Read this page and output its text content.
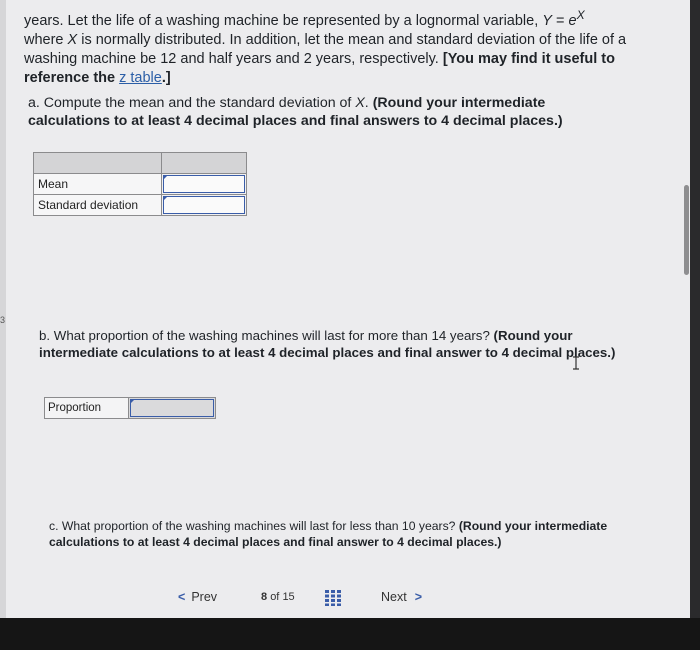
years. Let the life of a washing machine be represented by a lognormal variable, $Y = e^X$
where X is normally distributed. In addition, let the mean and standard deviation of the life of a washing machine be 12 and half years and 2 years, respectively. [You may find it useful to reference the z table.]
a. Compute the mean and the standard deviation of X. (Round your intermediate calculations to at least 4 decimal places and final answers to 4 decimal places.)
Mean
Standard deviation
3
b. What proportion of the washing machines will last for more than 14 years? (Round your intermediate calculations to at least 4 decimal places and final answer to 4 decimal places.)
Proportion
c. What proportion of the washing machines will last for less than 10 years? (Round your intermediate calculations to at least 4 decimal places and final answer to 4 decimal places.)
< Prev	8 of 15	Next >
